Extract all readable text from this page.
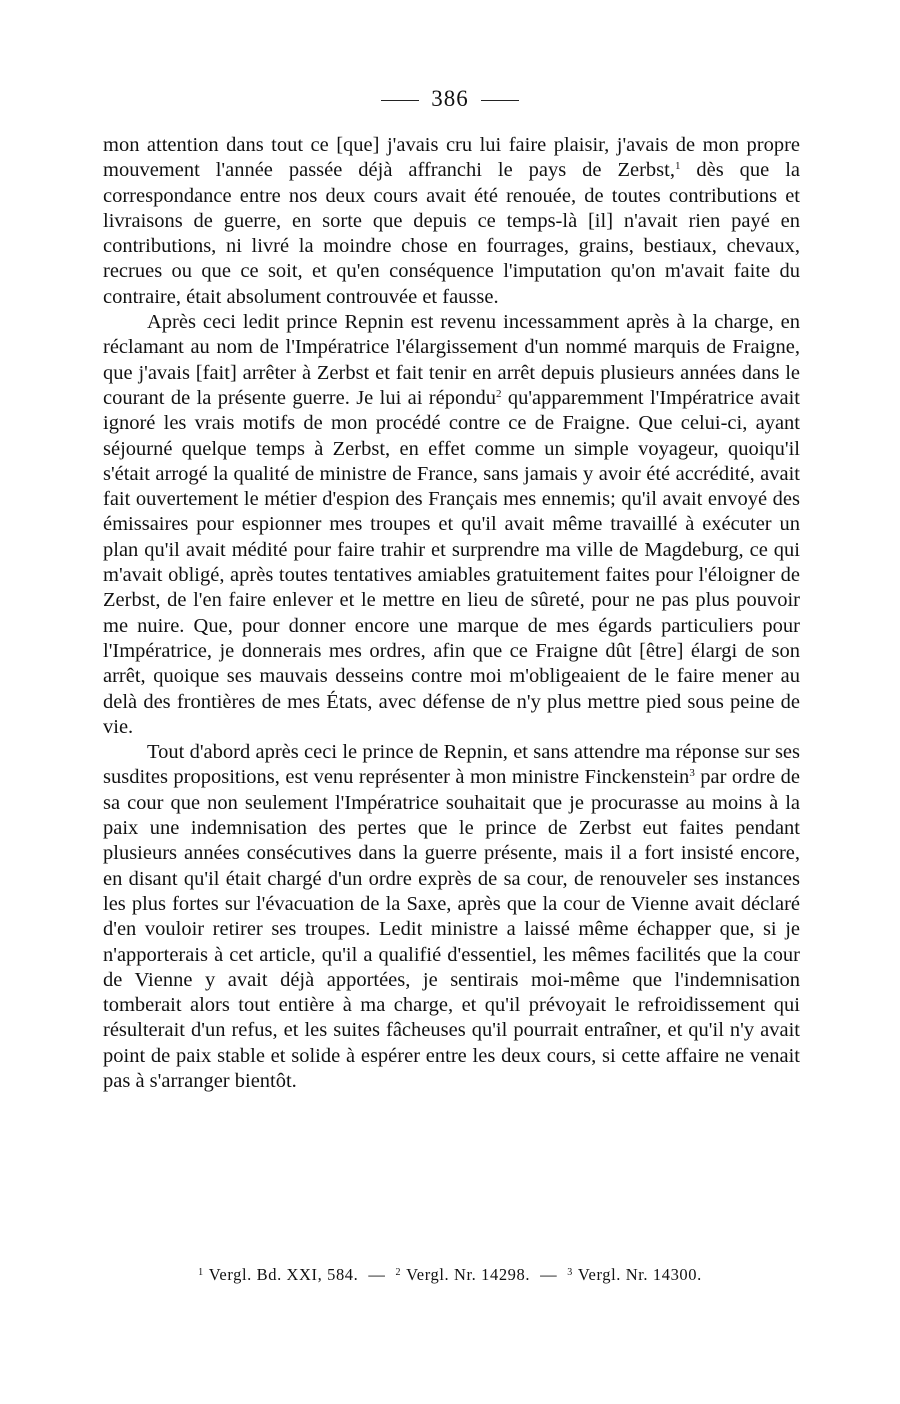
386

mon attention dans tout ce [que] j'avais cru lui faire plaisir, j'avais de mon propre mouvement l'année passée déjà affranchi le pays de Zerbst,$^1$ dès que la correspondance entre nos deux cours avait été renouée, de toutes contributions et livraisons de guerre, en sorte que depuis ce temps-là [il] n'avait rien payé en contributions, ni livré la moindre chose en fourrages, grains, bestiaux, chevaux, recrues ou que ce soit, et qu'en conséquence l'imputation qu'on m'avait faite du contraire, était absolument controuvée et fausse.

Après ceci ledit prince Repnin est revenu incessamment après à la charge, en réclamant au nom de l'Impératrice l'élargissement d'un nommé marquis de Fraigne, que j'avais [fait] arrêter à Zerbst et fait tenir en arrêt depuis plusieurs années dans le courant de la présente guerre. Je lui ai répondu$^2$ qu'apparemment l'Impératrice avait ignoré les vrais motifs de mon procédé contre ce de Fraigne. Que celui-ci, ayant séjourné quelque temps à Zerbst, en effet comme un simple voyageur, quoiqu'il s'était arrogé la qualité de ministre de France, sans jamais y avoir été accrédité, avait fait ouvertement le métier d'espion des Français mes ennemis; qu'il avait envoyé des émissaires pour espionner mes troupes et qu'il avait même travaillé à exécuter un plan qu'il avait médité pour faire trahir et surprendre ma ville de Magdeburg, ce qui m'avait obligé, après toutes tentatives amiables gratuitement faites pour l'éloigner de Zerbst, de l'en faire enlever et le mettre en lieu de sûreté, pour ne pas plus pouvoir me nuire. Que, pour donner encore une marque de mes égards particuliers pour l'Impératrice, je donnerais mes ordres, afin que ce Fraigne dût [être] élargi de son arrêt, quoique ses mauvais desseins contre moi m'obligeaient de le faire mener au delà des frontières de mes États, avec défense de n'y plus mettre pied sous peine de vie.

Tout d'abord après ceci le prince de Repnin, et sans attendre ma réponse sur ses susdites propositions, est venu représenter à mon ministre Finckenstein$^3$ par ordre de sa cour que non seulement l'Impératrice souhaitait que je procurasse au moins à la paix une indemnisation des pertes que le prince de Zerbst eut faites pendant plusieurs années consécutives dans la guerre présente, mais il a fort insisté encore, en disant qu'il était chargé d'un ordre exprès de sa cour, de renouveler ses instances les plus fortes sur l'évacuation de la Saxe, après que la cour de Vienne avait déclaré d'en vouloir retirer ses troupes. Ledit ministre a laissé même échapper que, si je n'apporterais à cet article, qu'il a qualifié d'essentiel, les mêmes facilités que la cour de Vienne y avait déjà apportées, je sentirais moi-même que l'indemnisation tomberait alors tout entière à ma charge, et qu'il prévoyait le refroidissement qui résulterait d'un refus, et les suites fâcheuses qu'il pourrait entraîner, et qu'il n'y avait point de paix stable et solide à espérer entre les deux cours, si cette affaire ne venait pas à s'arranger bientôt.

$^1$ Vergl. Bd. XXI, 584. — $^2$ Vergl. Nr. 14298. — $^3$ Vergl. Nr. 14300.
